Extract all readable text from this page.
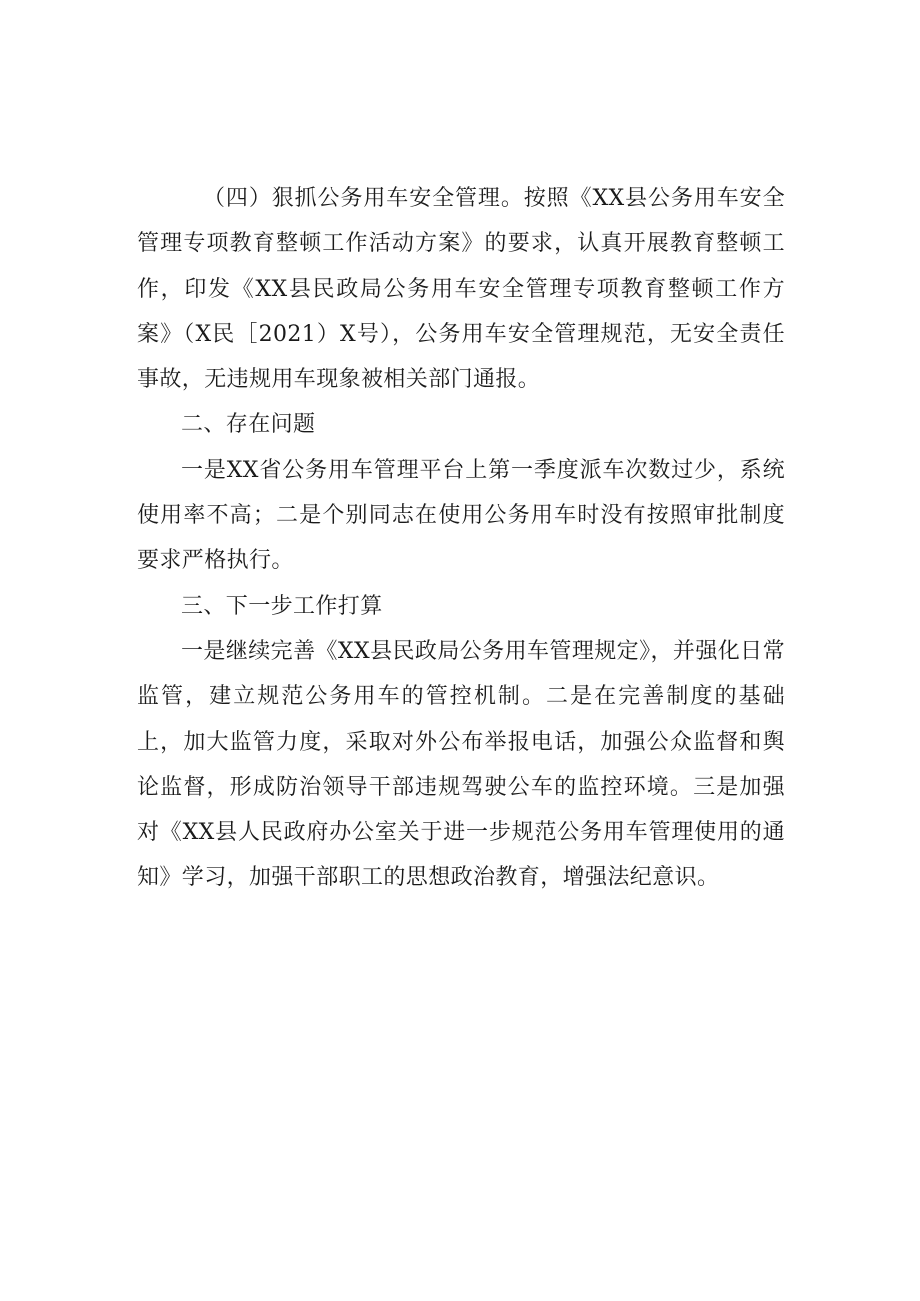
（四）狠抓公务用车安全管理。按照《XX县公务用车安全管理专项教育整顿工作活动方案》的要求，认真开展教育整顿工作，印发《XX县民政局公务用车安全管理专项教育整顿工作方案》（X民［2021）X号），公务用车安全管理规范，无安全责任事故，无违规用车现象被相关部门通报。

二、存在问题

一是XX省公务用车管理平台上第一季度派车次数过少，系统使用率不高；二是个别同志在使用公务用车时没有按照审批制度要求严格执行。

三、下一步工作打算

一是继续完善《XX县民政局公务用车管理规定》，并强化日常监管，建立规范公务用车的管控机制。二是在完善制度的基础上，加大监管力度，采取对外公布举报电话，加强公众监督和舆论监督，形成防治领导干部违规驾驶公车的监控环境。三是加强对《XX县人民政府办公室关于进一步规范公务用车管理使用的通知》学习，加强干部职工的思想政治教育，增强法纪意识。
